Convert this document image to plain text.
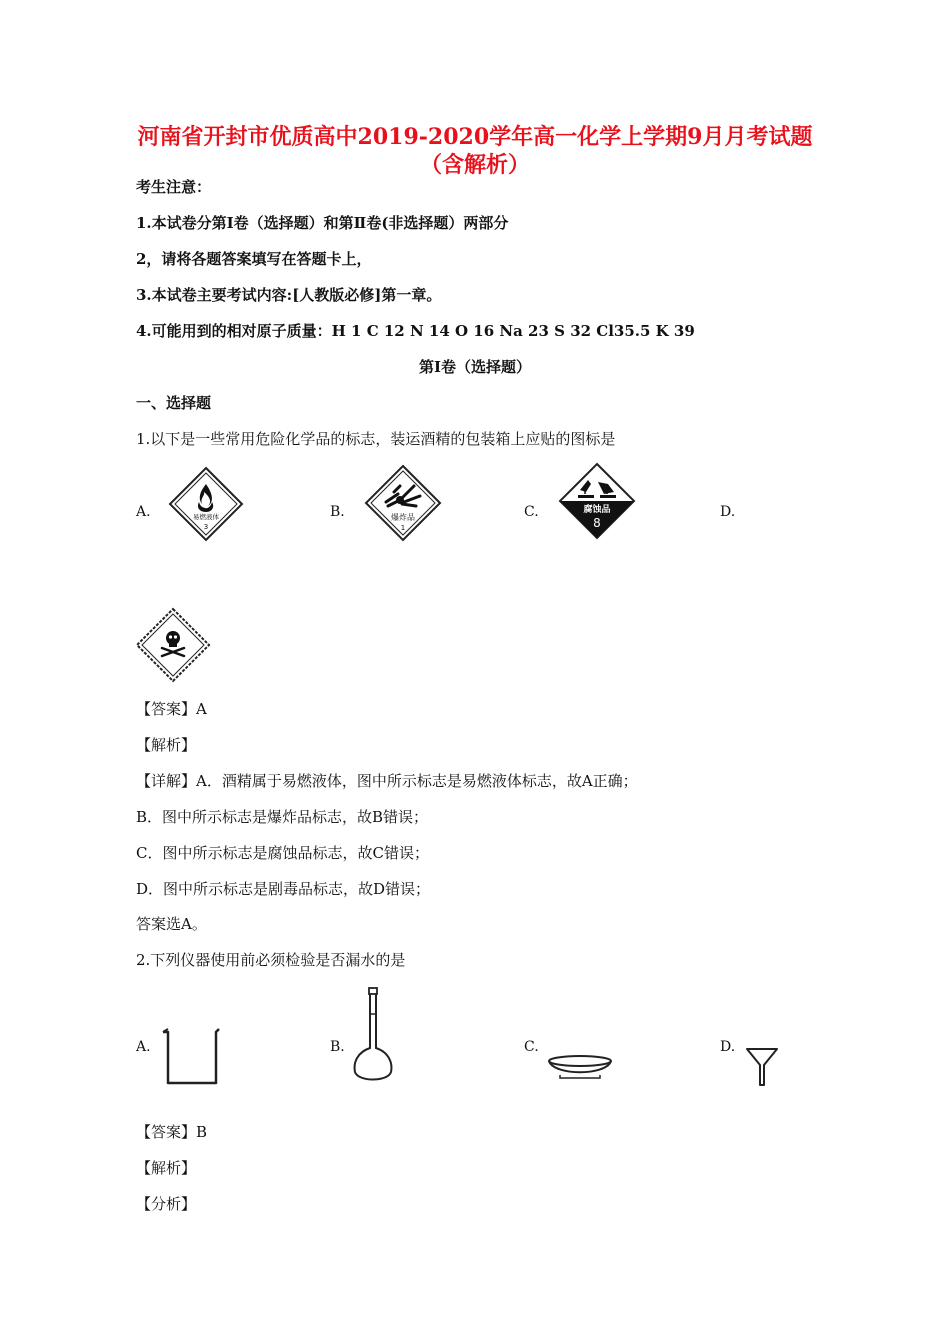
河南省开封市优质高中2019-2020学年高一化学上学期9月月考试题
（含解析）
考生注意：
1.本试卷分第Ⅰ卷（选择题）和第Ⅱ卷(非选择题）两部分
2，请将各题答案填写在答题卡上，
3.本试卷主要考试内容:[人教版必修]第一章。
4.可能用到的相对原子质量：H 1 C 12 N 14 O 16 Na 23 S 32 Cl35.5 K 39
第Ⅰ卷（选择题）
一、选择题
1.以下是一些常用危险化学品的标志，装运酒精的包装箱上应贴的图标是
A.	易燃液体
3
B.	爆炸品
1
C.	腐蚀品
8
D.
【答案】A
【解析】
【详解】A．酒精属于易燃液体，图中所示标志是易燃液体标志，故A正确；
B．图中所示标志是爆炸品标志，故B错误；
C．图中所示标志是腐蚀品标志，故C错误；
D．图中所示标志是剧毒品标志，故D错误；
答案选A。
2.下列仪器使用前必须检验是否漏水的是
A.	B.	C.	D.
【答案】B
【解析】
【分析】
